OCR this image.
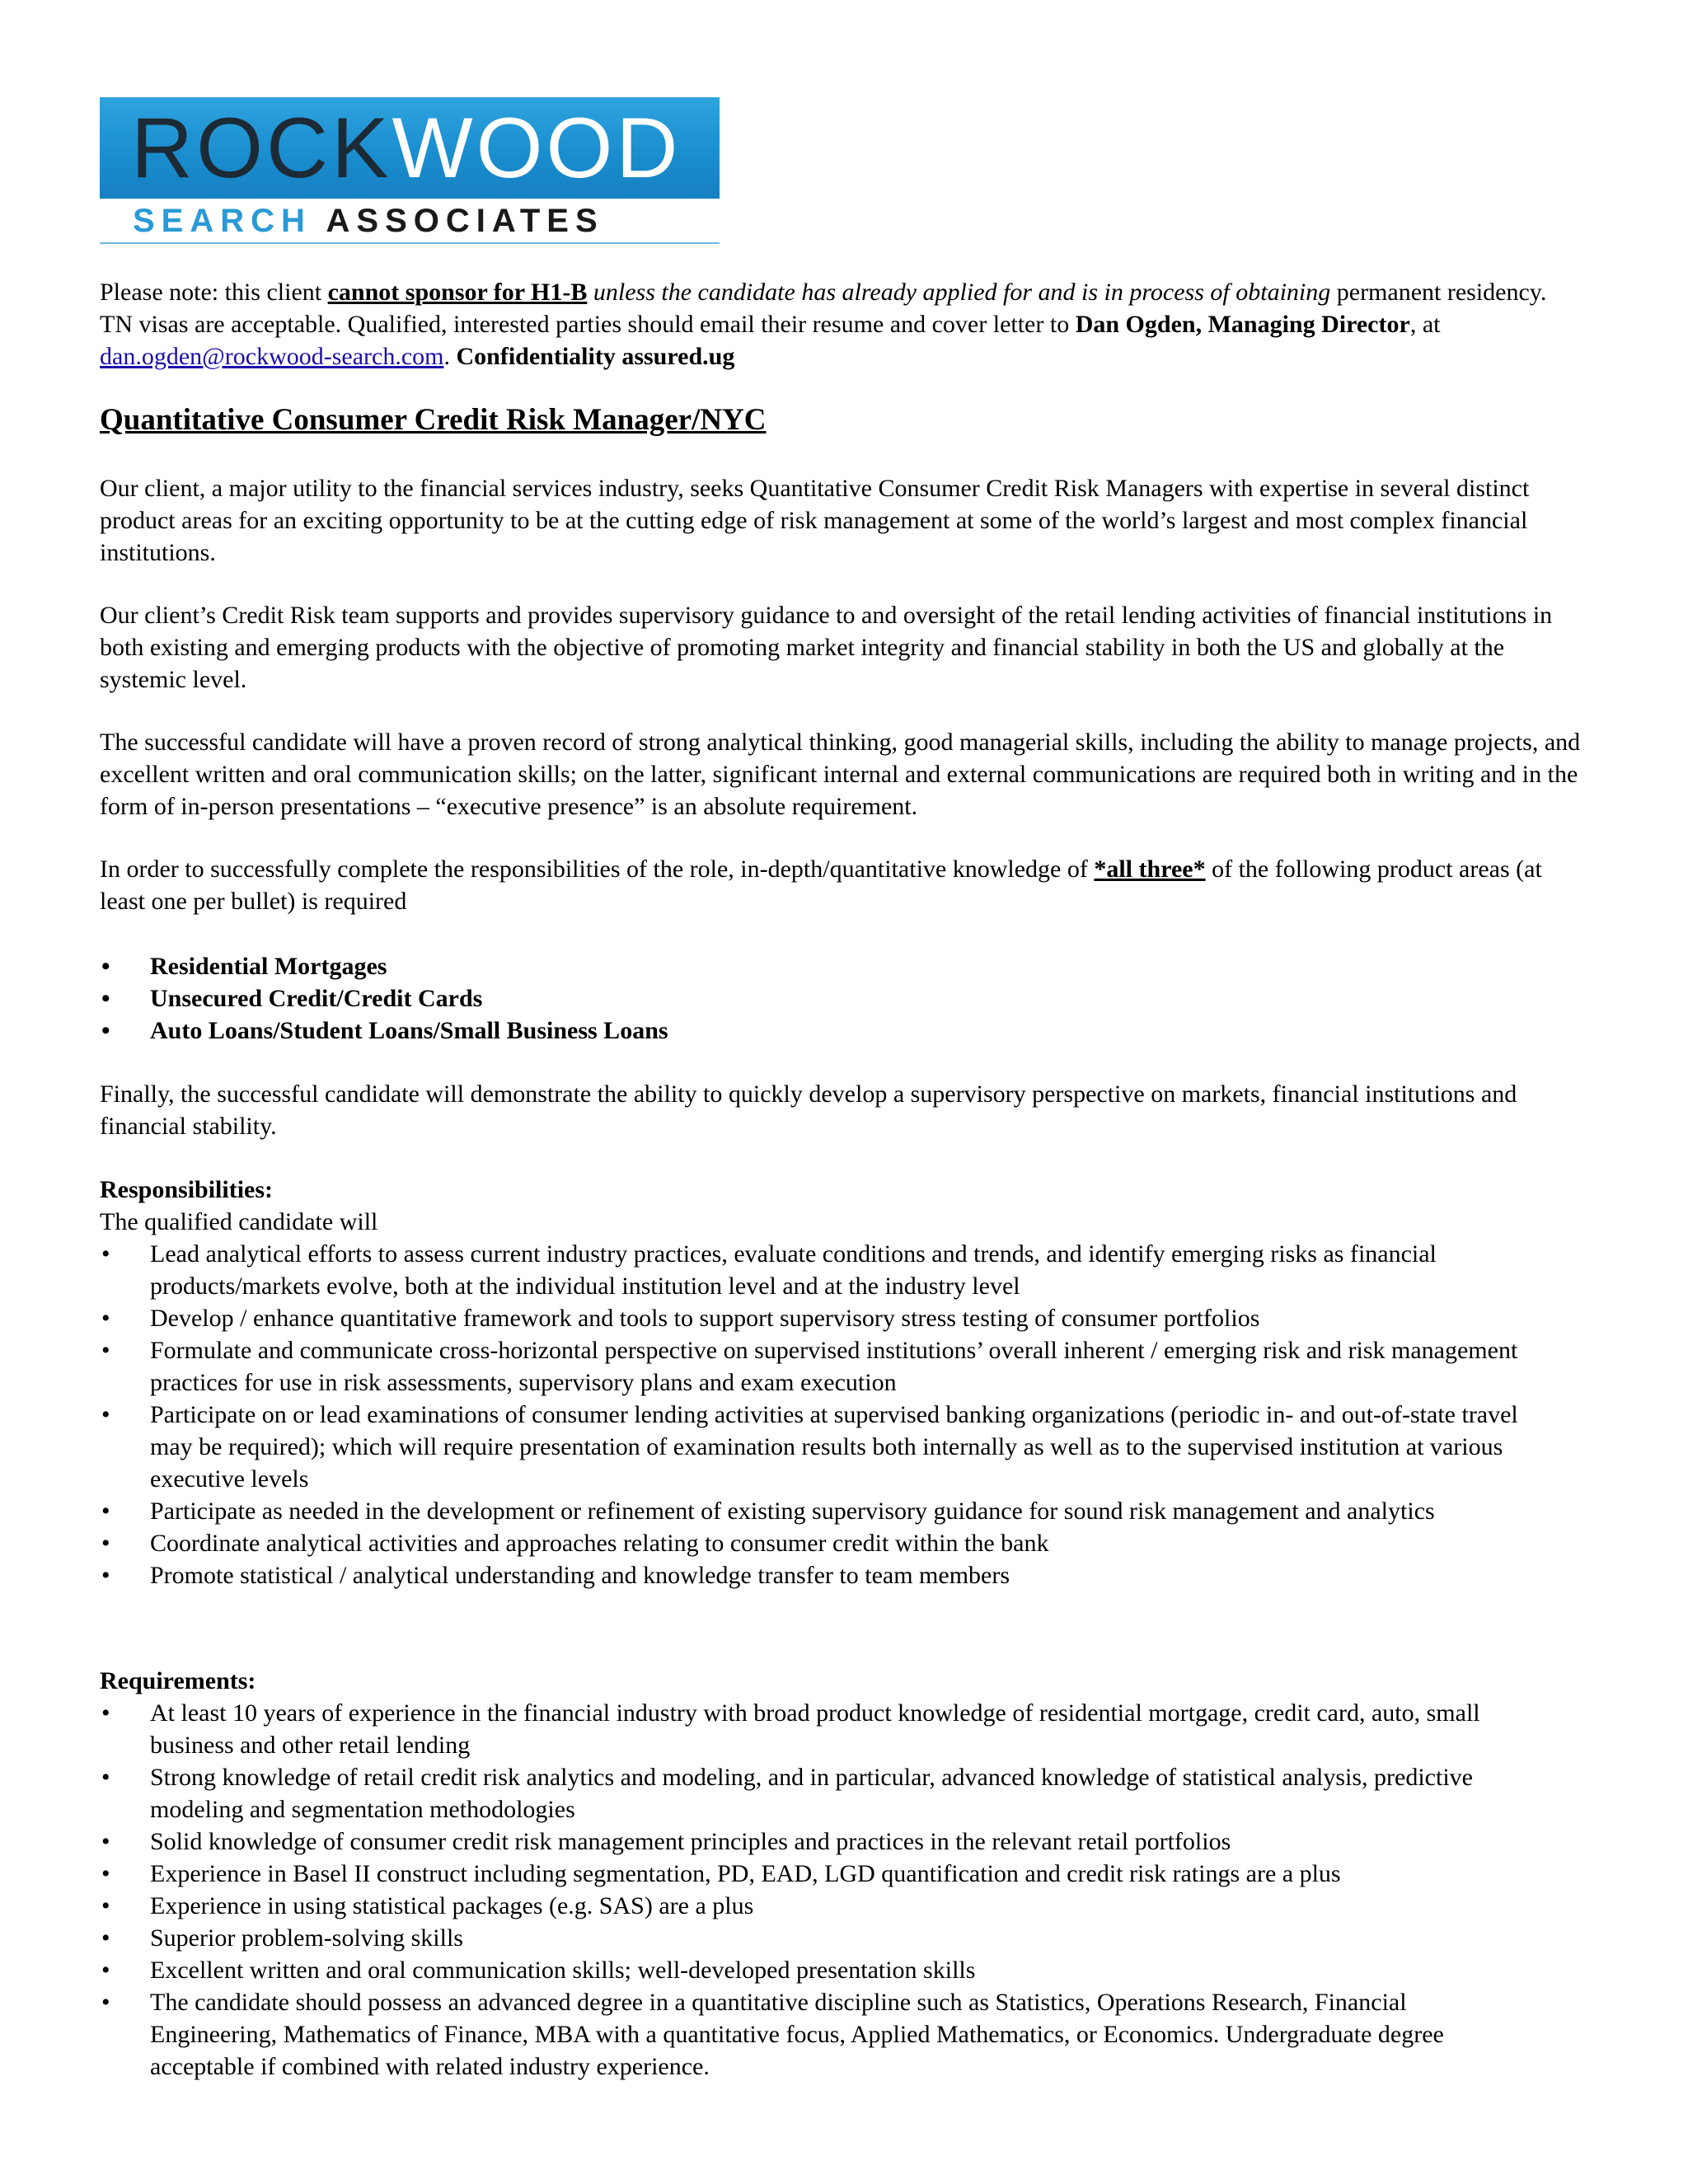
ROCKWOOD
SEARCH ASSOCIATES
Please note: this client cannot sponsor for H1-B unless the candidate has already applied for and is in process of obtaining permanent residency. TN visas are acceptable. Qualified, interested parties should email their resume and cover letter to Dan Ogden, Managing Director, at dan.ogden@rockwood-search.com. Confidentiality assured.ug
Quantitative Consumer Credit Risk Manager/NYC
Our client, a major utility to the financial services industry, seeks Quantitative Consumer Credit Risk Managers with expertise in several distinct product areas for an exciting opportunity to be at the cutting edge of risk management at some of the world’s largest and most complex financial institutions.
Our client’s Credit Risk team supports and provides supervisory guidance to and oversight of the retail lending activities of financial institutions in both existing and emerging products with the objective of promoting market integrity and financial stability in both the US and globally at the systemic level.
The successful candidate will have a proven record of strong analytical thinking, good managerial skills, including the ability to manage projects, and excellent written and oral communication skills; on the latter, significant internal and external communications are required both in writing and in the form of in-person presentations – “executive presence” is an absolute requirement.
In order to successfully complete the responsibilities of the role, in-depth/quantitative knowledge of *all three* of the following product areas (at least one per bullet) is required
Residential Mortgages
Unsecured Credit/Credit Cards
Auto Loans/Student Loans/Small Business Loans
Finally, the successful candidate will demonstrate the ability to quickly develop a supervisory perspective on markets, financial institutions and financial stability.
Responsibilities:
The qualified candidate will
Lead analytical efforts to assess current industry practices, evaluate conditions and trends, and identify emerging risks as financial products/markets evolve, both at the individual institution level and at the industry level
Develop / enhance quantitative framework and tools to support supervisory stress testing of consumer portfolios
Formulate and communicate cross-horizontal perspective on supervised institutions’ overall inherent / emerging risk and risk management practices for use in risk assessments, supervisory plans and exam execution
Participate on or lead examinations of consumer lending activities at supervised banking organizations (periodic in- and out-of-state travel may be required); which will require presentation of examination results both internally as well as to the supervised institution at various executive levels
Participate as needed in the development or refinement of existing supervisory guidance for sound risk management and analytics
Coordinate analytical activities and approaches relating to consumer credit within the bank
Promote statistical / analytical understanding and knowledge transfer to team members
Requirements:
At least 10 years of experience in the financial industry with broad product knowledge of residential mortgage, credit card, auto, small business and other retail lending
Strong knowledge of retail credit risk analytics and modeling, and in particular, advanced knowledge of statistical analysis, predictive modeling and segmentation methodologies
Solid knowledge of consumer credit risk management principles and practices in the relevant retail portfolios
Experience in Basel II construct including segmentation, PD, EAD, LGD quantification and credit risk ratings are a plus
Experience in using statistical packages (e.g. SAS) are a plus
Superior problem-solving skills
Excellent written and oral communication skills; well-developed presentation skills
The candidate should possess an advanced degree in a quantitative discipline such as Statistics, Operations Research, Financial Engineering, Mathematics of Finance, MBA with a quantitative focus, Applied Mathematics, or Economics. Undergraduate degree acceptable if combined with related industry experience.
